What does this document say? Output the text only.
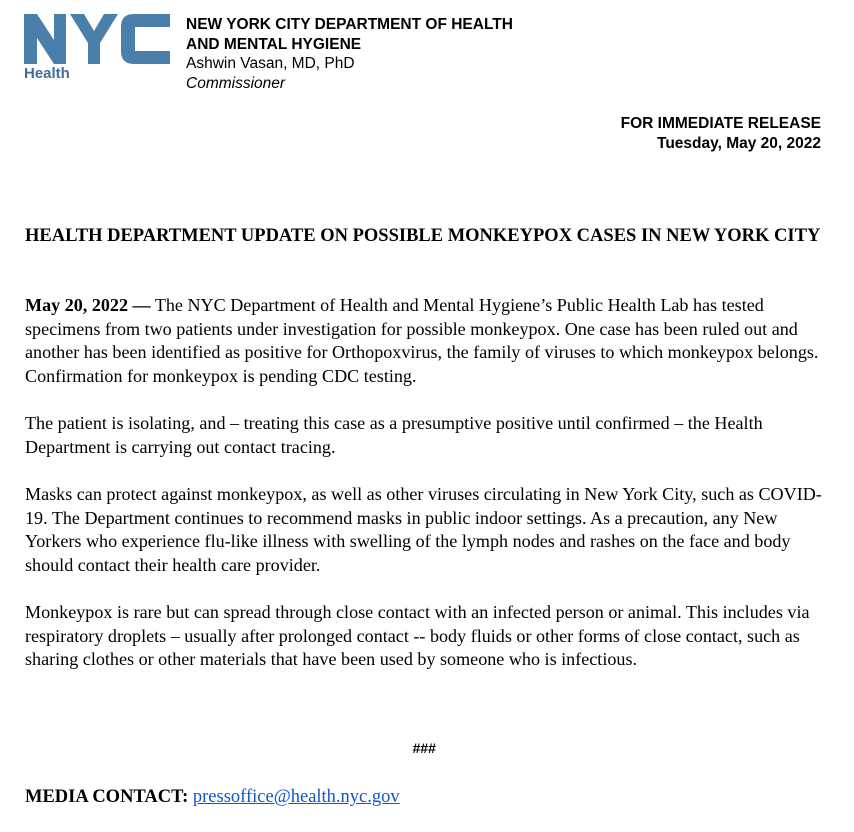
Health
NEW YORK CITY DEPARTMENT OF HEALTH
AND MENTAL HYGIENE
Ashwin Vasan, MD, PhD
Commissioner
FOR IMMEDIATE RELEASE
Tuesday, May 20, 2022
HEALTH DEPARTMENT UPDATE ON POSSIBLE MONKEYPOX CASES IN NEW YORK CITY

May 20, 2022 — The NYC Department of Health and Mental Hygiene’s Public Health Lab has tested specimens from two patients under investigation for possible monkeypox. One case has been ruled out and another has been identified as positive for Orthopoxvirus, the family of viruses to which monkeypox belongs. Confirmation for monkeypox is pending CDC testing.

The patient is isolating, and – treating this case as a presumptive positive until confirmed – the Health Department is carrying out contact tracing.

Masks can protect against monkeypox, as well as other viruses circulating in New York City, such as COVID-19. The Department continues to recommend masks in public indoor settings. As a precaution, any New Yorkers who experience flu-like illness with swelling of the lymph nodes and rashes on the face and body should contact their health care provider.

Monkeypox is rare but can spread through close contact with an infected person or animal. This includes via respiratory droplets – usually after prolonged contact -- body fluids or other forms of close contact, such as sharing clothes or other materials that have been used by someone who is infectious.

###
MEDIA CONTACT: pressoffice@health.nyc.gov
